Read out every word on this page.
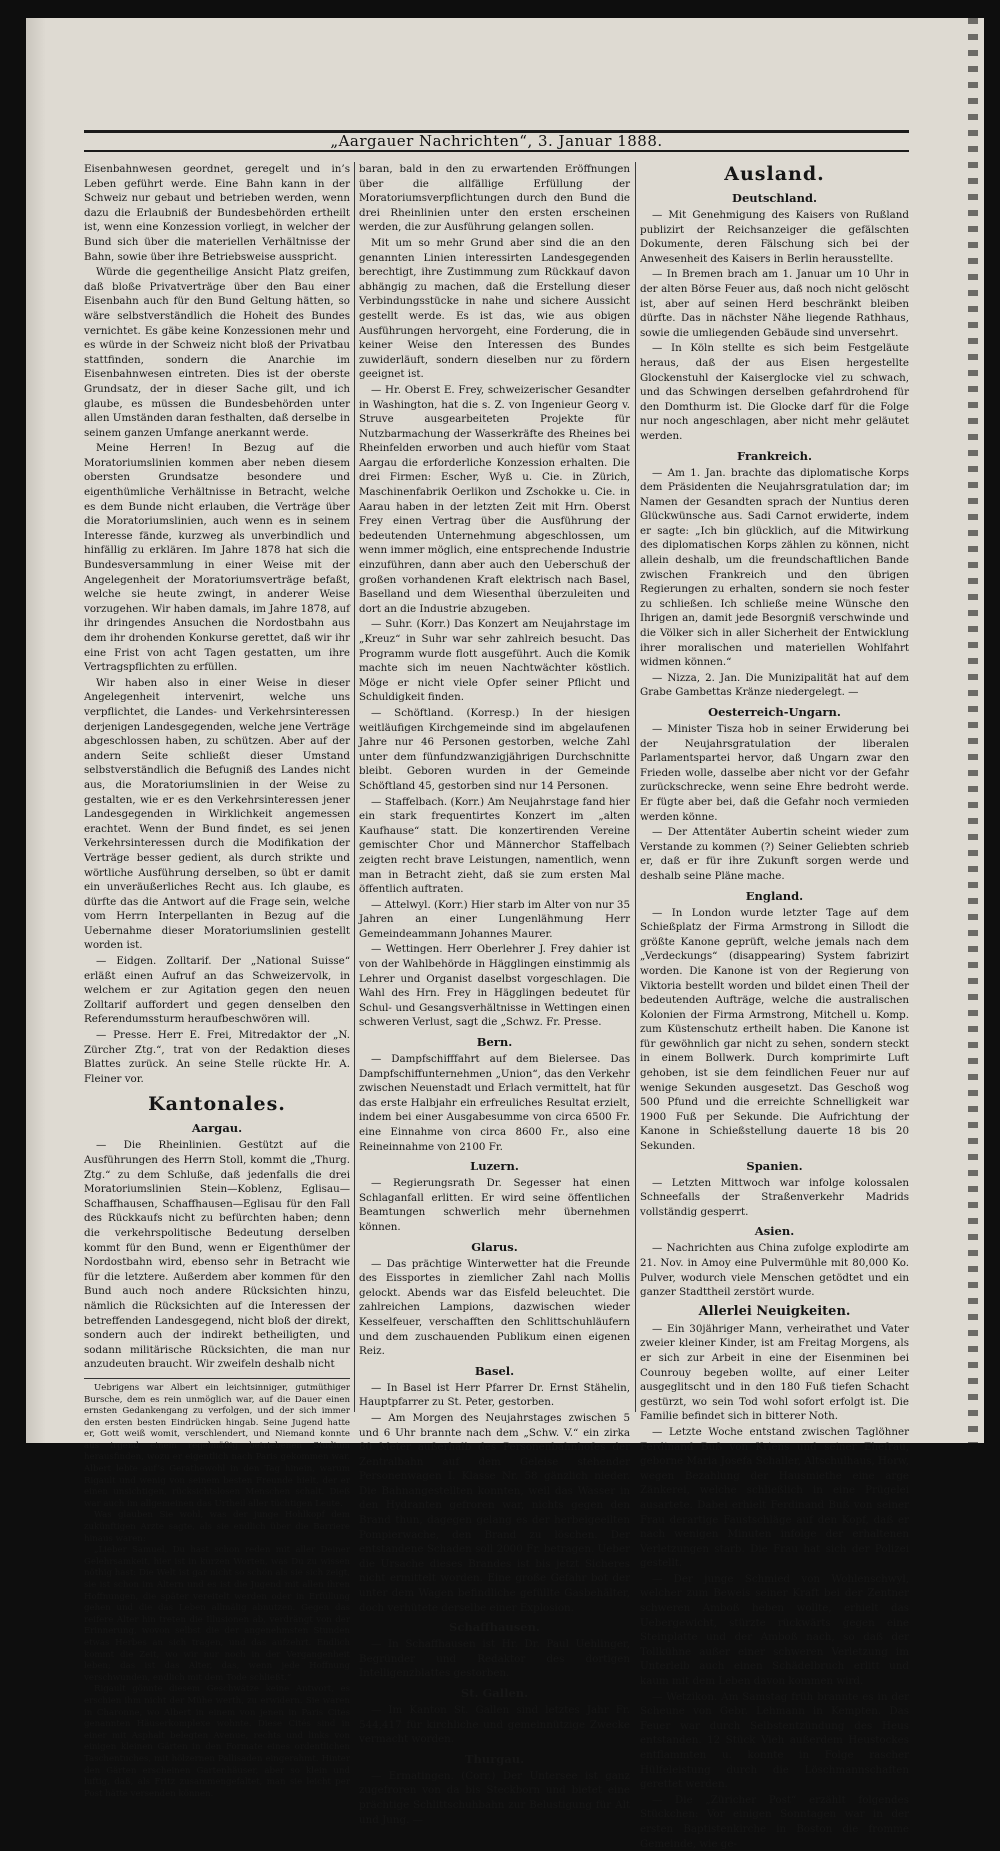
„Aargauer Nachrichten“, 3. Januar 1888.

Eisenbahnwesen geordnet, geregelt und in’s Leben geführt werde. Eine Bahn kann in der Schweiz nur gebaut und betrieben werden, wenn dazu die Erlaubniß der Bundesbehörden ertheilt ist, wenn eine Konzession vorliegt, in welcher der Bund sich über die materiellen Verhältnisse der Bahn, sowie über ihre Betriebsweise ausspricht.

Würde die gegentheilige Ansicht Platz greifen, daß bloße Privatverträge über den Bau einer Eisenbahn auch für den Bund Geltung hätten, so wäre selbstverständlich die Hoheit des Bundes vernichtet. Es gäbe keine Konzessionen mehr und es würde in der Schweiz nicht bloß der Privatbau stattfinden, sondern die Anarchie im Eisenbahnwesen eintreten. Dies ist der oberste Grundsatz, der in dieser Sache gilt, und ich glaube, es müssen die Bundesbehörden unter allen Umständen daran festhalten, daß derselbe in seinem ganzen Umfange anerkannt werde.

Meine Herren! In Bezug auf die Moratoriumslinien kommen aber neben diesem obersten Grundsatze besondere und eigenthümliche Verhältnisse in Betracht, welche es dem Bunde nicht erlauben, die Verträge über die Moratoriumslinien, auch wenn es in seinem Interesse fände, kurzweg als unverbindlich und hinfällig zu erklären. Im Jahre 1878 hat sich die Bundesversammlung in einer Weise mit der Angelegenheit der Moratoriumsverträge befaßt, welche sie heute zwingt, in anderer Weise vorzugehen. Wir haben damals, im Jahre 1878, auf ihr dringendes Ansuchen die Nordostbahn aus dem ihr drohenden Konkurse gerettet, daß wir ihr eine Frist von acht Tagen gestatten, um ihre Vertragspflichten zu erfüllen.

Wir haben also in einer Weise in dieser Angelegenheit intervenirt, welche uns verpflichtet, die Landes- und Verkehrsinteressen derjenigen Landesgegenden, welche jene Verträge abgeschlossen haben, zu schützen. Aber auf der andern Seite schließt dieser Umstand selbstverständlich die Befugniß des Landes nicht aus, die Moratoriumslinien in der Weise zu gestalten, wie er es den Verkehrsinteressen jener Landesgegenden in Wirklichkeit angemessen erachtet. Wenn der Bund findet, es sei jenen Verkehrsinteressen durch die Modifikation der Verträge besser gedient, als durch strikte und wörtliche Ausführung derselben, so übt er damit ein unveräußerliches Recht aus. Ich glaube, es dürfte das die Antwort auf die Frage sein, welche vom Herrn Interpellanten in Bezug auf die Uebernahme dieser Moratoriumslinien gestellt worden ist.

— Eidgen. Zolltarif. Der „National Suisse“ erläßt einen Aufruf an das Schweizervolk, in welchem er zur Agitation gegen den neuen Zolltarif auffordert und gegen denselben den Referendumssturm heraufbeschwören will.

— Presse. Herr E. Frei, Mitredaktor der „N. Zürcher Ztg.“, trat von der Redaktion dieses Blattes zurück. An seine Stelle rückte Hr. A. Fleiner vor.

Kantonales.
Aargau.

— Die Rheinlinien. Gestützt auf die Ausführungen des Herrn Stoll, kommt die „Thurg. Ztg.“ zu dem Schluße, daß jedenfalls die drei Moratoriumslinien Stein—Koblenz, Eglisau—Schaffhausen, Schaffhausen—Eglisau für den Fall des Rückkaufs nicht zu befürchten haben; denn die verkehrspolitische Bedeutung derselben kommt für den Bund, wenn er Eigenthümer der Nordostbahn wird, ebenso sehr in Betracht wie für die letztere. Außerdem aber kommen für den Bund auch noch andere Rücksichten hinzu, nämlich die Rücksichten auf die Interessen der betreffenden Landesgegend, nicht bloß der direkt, sondern auch der indirekt betheiligten, und sodann militärische Rücksichten, die man nur anzudeuten braucht. Wir zweifeln deshalb nicht

Uebrigens war Albert ein leichtsinniger, gutmüthiger Bursche, dem es rein unmöglich war, auf die Dauer einen ernsten Gedankengang zu verfolgen, und der sich immer den ersten besten Eindrücken hingab. Seine Jugend hatte er, Gott weiß womit, verschlendert, und Niemand konnte aus irgend einem regelmäßig betriebenen Studium herausfinden, wozu er eigentlich nach Paris gekommen war. Albert lebte auf’s Gerathewohl in den Tag hinein, warum Rigault und wenig von seinem besten Freunde hielt, der er einen unsichtigen, rücksichtslosen Menschen schalt. Dieß war auch im allgemeinen das Urtheil aller tüchtigen Leute.

Was glauben Sie wohl, was der junge Hohlkopf dem zukünftigen Arzte sagte, als sie endlich über die Barriere hinaus waren:

„Lieber Samuel, Du hast schon reden mit aller Deiner Gelehrsamkeit, hier ist in kurzen Worten, was Du zu wissen nöthig hast: Die Welt ist gar nicht so schön als sie sich zeigt, sie ist schon im Altern und es ist die Jugend mit allen ihren Hoffnungen, die später vereitelt werden oder in Erfüllung gehen und die das Leben allmälig abnutzen. Gegen das reifere Alter hin treten die Illusionen ab, verdrängt von der Erinnerung, wovon selbst die der angenehmsten Stunden etwas Herbes an sich tragen, und das aufzehrt. Endlich kommt die Zeit, wo wir nur noch in der Vergangenheit leben; das ist das Alter, das, wenn jede Hoffnung verschwunden, endlich mit dem Tode schließt.“

Rigault gönnte diesem Geschwätze keine Antwort, es erschien ihm nicht der Mühe werth, zu erwidern. Sie waren in Charonne, wo Albert in einem von jenen in Paris Cités genannten Häuserkomplexe wohnte. Diese Cités sind in einer mit Asphalt belegten Avenue, rechts und links von einigen kleinen Gärten in den Formate eines ordentlichen Taschentuches, mit hölzernen Pallisaden eingerahmt. Hinter den Gärten erscheinen Gartenhäuser, aber so klein und luftig, daß, als Fritz zusammengefaltet, man sie leicht per Post hätte versenden können.

baran, bald in den zu erwartenden Eröffnungen über die allfällige Erfüllung der Moratoriumsverpflichtungen durch den Bund die drei Rheinlinien unter den ersten erscheinen werden, die zur Ausführung gelangen sollen.

Mit um so mehr Grund aber sind die an den genannten Linien interessirten Landesgegenden berechtigt, ihre Zustimmung zum Rückkauf davon abhängig zu machen, daß die Erstellung dieser Verbindungsstücke in nahe und sichere Aussicht gestellt werde. Es ist das, wie aus obigen Ausführungen hervorgeht, eine Forderung, die in keiner Weise den Interessen des Bundes zuwiderläuft, sondern dieselben nur zu fördern geeignet ist.

— Hr. Oberst E. Frey, schweizerischer Gesandter in Washington, hat die s. Z. von Ingenieur Georg v. Struve ausgearbeiteten Projekte für Nutzbarmachung der Wasserkräfte des Rheines bei Rheinfelden erworben und auch hiefür vom Staat Aargau die erforderliche Konzession erhalten. Die drei Firmen: Escher, Wyß u. Cie. in Zürich, Maschinenfabrik Oerlikon und Zschokke u. Cie. in Aarau haben in der letzten Zeit mit Hrn. Oberst Frey einen Vertrag über die Ausführung der bedeutenden Unternehmung abgeschlossen, um wenn immer möglich, eine entsprechende Industrie einzuführen, dann aber auch den Ueberschuß der großen vorhandenen Kraft elektrisch nach Basel, Baselland und dem Wiesenthal überzuleiten und dort an die Industrie abzugeben.

— Suhr. (Korr.) Das Konzert am Neujahrstage im „Kreuz“ in Suhr war sehr zahlreich besucht. Das Programm wurde flott ausgeführt. Auch die Komik machte sich im neuen Nachtwächter köstlich. Möge er nicht viele Opfer seiner Pflicht und Schuldigkeit finden.

— Schöftland. (Korresp.) In der hiesigen weitläufigen Kirchgemeinde sind im abgelaufenen Jahre nur 46 Personen gestorben, welche Zahl unter dem fünfundzwanzigjährigen Durchschnitte bleibt. Geboren wurden in der Gemeinde Schöftland 45, gestorben sind nur 14 Personen.

— Staffelbach. (Korr.) Am Neujahrstage fand hier ein stark frequentirtes Konzert im „alten Kaufhause“ statt. Die konzertirenden Vereine gemischter Chor und Männerchor Staffelbach zeigten recht brave Leistungen, namentlich, wenn man in Betracht zieht, daß sie zum ersten Mal öffentlich auftraten.

— Attelwyl. (Korr.) Hier starb im Alter von nur 35 Jahren an einer Lungenlähmung Herr Gemeindeammann Johannes Maurer.

— Wettingen. Herr Oberlehrer J. Frey dahier ist von der Wahlbehörde in Hägglingen einstimmig als Lehrer und Organist daselbst vorgeschlagen. Die Wahl des Hrn. Frey in Hägglingen bedeutet für Schul- und Gesangsverhältnisse in Wettingen einen schweren Verlust, sagt die „Schwz. Fr. Presse.

Bern.

— Dampfschifffahrt auf dem Bielersee. Das Dampfschiffunternehmen „Union“, das den Verkehr zwischen Neuenstadt und Erlach vermittelt, hat für das erste Halbjahr ein erfreuliches Resultat erzielt, indem bei einer Ausgabesumme von circa 6500 Fr. eine Einnahme von circa 8600 Fr., also eine Reineinnahme von 2100 Fr.

Luzern.

— Regierungsrath Dr. Segesser hat einen Schlaganfall erlitten. Er wird seine öffentlichen Beamtungen schwerlich mehr übernehmen können.

Glarus.

— Das prächtige Winterwetter hat die Freunde des Eissportes in ziemlicher Zahl nach Mollis gelockt. Abends war das Eisfeld beleuchtet. Die zahlreichen Lampions, dazwischen wieder Kesselfeuer, verschafften den Schlittschuhläufern und dem zuschauenden Publikum einen eigenen Reiz.

Basel.

— In Basel ist Herr Pfarrer Dr. Ernst Stähelin, Hauptpfarrer zu St. Peter, gestorben.

— Am Morgen des Neujahrstages zwischen 5 und 6 Uhr brannte nach dem „Schw. V.“ ein zirka 80 Meter außerhalb des Personenbahnhofes der Zentralbahn auf dem Geleise stehender Personenwagen I. Klasse Nr. 58 gänzlich nieder. Die Bahnangestellten konnten, weil das Wasser in den Hydranten gefroren war, nichts gegen den Brand thun, dagegen gelang es der herbeigeeilten Pompierwache, den Brand zu löschen. Der entstandene Schaden soll 2000 Fr. betragen. Ueber die Ursache dieses Brandes ist bis jetzt Sicheres nicht ermittelt worden. Eine große Gefahr bot der unter dem Wagen befindliche gefüllte Gasbehälter, doch verhütete derselbe einer Explosion.

Schaffhausen.

— In Schaffhausen ist Hr. Dr. Paul Uehlinger, Begründer und Redaktor des dortigen Intelligenzblattes gestorben.

St. Gallen.

— Im Kanton St. Gallen sind letztes Jahr Fr. 544,417 für kirchliche und gemeinnützige Zwecke vermacht worden.

Thurgau.

— Ermatingen. (Corr.) Der Untersee ist ganz zugefroren von da bis Steckborn und bietet eine prächtige Schlittschuhbahn zur Belustigung für Alt und Jung. —

Ausland.
Deutschland.

— Mit Genehmigung des Kaisers von Rußland publizirt der Reichsanzeiger die gefälschten Dokumente, deren Fälschung sich bei der Anwesenheit des Kaisers in Berlin herausstellte.

— In Bremen brach am 1. Januar um 10 Uhr in der alten Börse Feuer aus, daß noch nicht gelöscht ist, aber auf seinen Herd beschränkt bleiben dürfte. Das in nächster Nähe liegende Rathhaus, sowie die umliegenden Gebäude sind unversehrt.

— In Köln stellte es sich beim Festgeläute heraus, daß der aus Eisen hergestellte Glockenstuhl der Kaiserglocke viel zu schwach, und das Schwingen derselben gefahrdrohend für den Domthurm ist. Die Glocke darf für die Folge nur noch angeschlagen, aber nicht mehr geläutet werden.

Frankreich.

— Am 1. Jan. brachte das diplomatische Korps dem Präsidenten die Neujahrsgratulation dar; im Namen der Gesandten sprach der Nuntius deren Glückwünsche aus. Sadi Carnot erwiderte, indem er sagte: „Ich bin glücklich, auf die Mitwirkung des diplomatischen Korps zählen zu können, nicht allein deshalb, um die freundschaftlichen Bande zwischen Frankreich und den übrigen Regierungen zu erhalten, sondern sie noch fester zu schließen. Ich schließe meine Wünsche den Ihrigen an, damit jede Besorgniß verschwinde und die Völker sich in aller Sicherheit der Entwicklung ihrer moralischen und materiellen Wohlfahrt widmen können.“

— Nizza, 2. Jan. Die Munizipalität hat auf dem Grabe Gambettas Kränze niedergelegt. —

Oesterreich-Ungarn.

— Minister Tisza hob in seiner Erwiderung bei der Neujahrsgratulation der liberalen Parlamentspartei hervor, daß Ungarn zwar den Frieden wolle, dasselbe aber nicht vor der Gefahr zurückschrecke, wenn seine Ehre bedroht werde. Er fügte aber bei, daß die Gefahr noch vermieden werden könne.

— Der Attentäter Aubertin scheint wieder zum Verstande zu kommen (?) Seiner Geliebten schrieb er, daß er für ihre Zukunft sorgen werde und deshalb seine Pläne mache.

England.

— In London wurde letzter Tage auf dem Schießplatz der Firma Armstrong in Sillodt die größte Kanone geprüft, welche jemals nach dem „Verdeckungs“ (disappearing) System fabrizirt worden. Die Kanone ist von der Regierung von Viktoria bestellt worden und bildet einen Theil der bedeutenden Aufträge, welche die australischen Kolonien der Firma Armstrong, Mitchell u. Komp. zum Küstenschutz ertheilt haben. Die Kanone ist für gewöhnlich gar nicht zu sehen, sondern steckt in einem Bollwerk. Durch komprimirte Luft gehoben, ist sie dem feindlichen Feuer nur auf wenige Sekunden ausgesetzt. Das Geschoß wog 500 Pfund und die erreichte Schnelligkeit war 1900 Fuß per Sekunde. Die Aufrichtung der Kanone in Schießstellung dauerte 18 bis 20 Sekunden.

Spanien.

— Letzten Mittwoch war infolge kolossalen Schneefalls der Straßenverkehr Madrids vollständig gesperrt.

Asien.

— Nachrichten aus China zufolge explodirte am 21. Nov. in Amoy eine Pulvermühle mit 80,000 Ko. Pulver, wodurch viele Menschen getödtet und ein ganzer Stadttheil zerstört wurde.

Allerlei Neuigkeiten.

— Ein 30jähriger Mann, verheirathet und Vater zweier kleiner Kinder, ist am Freitag Morgens, als er sich zur Arbeit in eine der Eisenminen bei Counrouy begeben wollte, auf einer Leiter ausgeglitscht und in den 180 Fuß tiefen Schacht gestürzt, wo sein Tod wohl sofort erfolgt ist. Die Familie befindet sich in bitterer Noth.

— Letzte Woche entstand zwischen Taglöhner Ferdinand Buß von Kriens und seiner Ehefrau, geborne Maria Josefa Schaller, Altschulhaus, Horw, wegen Bezahlung der Hausmiethe eine arge Zänkerei, welche schließlich in eine Prügelei ausartete. Dabei erhielt Ferdinand Buß von seiner Frau derartige Faustschläge auf den Kopf, daß er nach wenigen Minuten infolge der erhaltenen Verletzungen starb. Die Frau hat sich der Polizei gestellt.

— Der junge Schmied von Wohlenschwyl, welcher zum Beweis seiner Kraft bei der Zentner schweren Amboß heben wollte, erhielt das Uebergewicht, stürzte rückwärts gegen eine Steinplatte und der Amboß nach, so daß der Tollkühne außer einer schweren Verletzung im Unterleib auch einen Schädelbruch erlitt und kaum mit dem Leben davon kommen wird.

— Wetzikon. Am Samstag früh brannte es in der Scheune von Gebr. Lehmann in Kempten. Das Feuer war durch Selbstentzündung des Heus entstanden. 12 Stück Vieh außerdem Heustockes entflammten u. konnte in Folge rascher Hülfeleistung durch die Löschmannschaften gerettet werden.

— Die „Züricher Post“ erzählt folgendes Stückchen: Vor einigen Sonntagen war in der ersten Baptistenkirche in Boston die fromme Gemeinde, wie ge-
